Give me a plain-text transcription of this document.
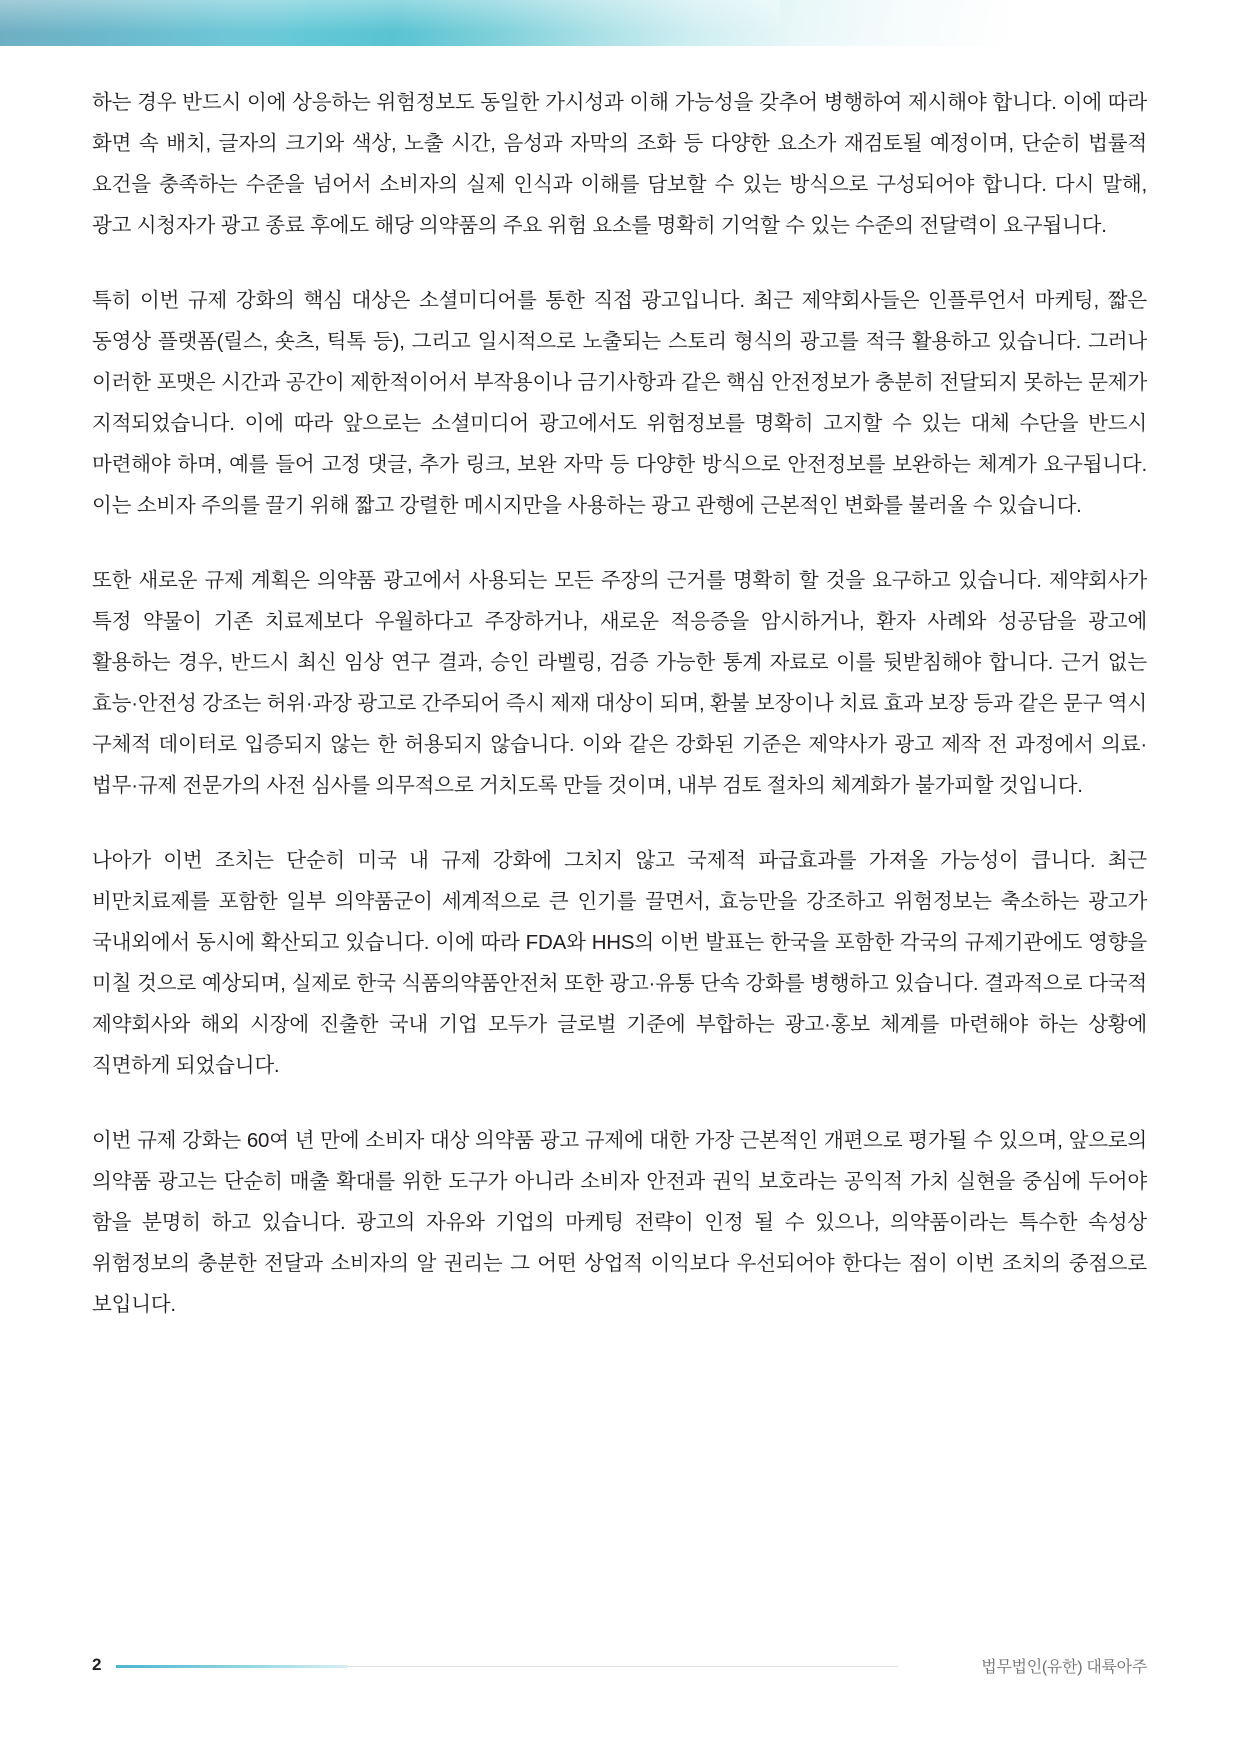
하는 경우 반드시 이에 상응하는 위험정보도 동일한 가시성과 이해 가능성을 갖추어 병행하여 제시해야 합니다. 이에 따라 화면 속 배치, 글자의 크기와 색상, 노출 시간, 음성과 자막의 조화 등 다양한 요소가 재검토될 예정이며, 단순히 법률적 요건을 충족하는 수준을 넘어서 소비자의 실제 인식과 이해를 담보할 수 있는 방식으로 구성되어야 합니다. 다시 말해, 광고 시청자가 광고 종료 후에도 해당 의약품의 주요 위험 요소를 명확히 기억할 수 있는 수준의 전달력이 요구됩니다.

특히 이번 규제 강화의 핵심 대상은 소셜미디어를 통한 직접 광고입니다. 최근 제약회사들은 인플루언서 마케팅, 짧은 동영상 플랫폼(릴스, 숏츠, 틱톡 등), 그리고 일시적으로 노출되는 스토리 형식의 광고를 적극 활용하고 있습니다. 그러나 이러한 포맷은 시간과 공간이 제한적이어서 부작용이나 금기사항과 같은 핵심 안전정보가 충분히 전달되지 못하는 문제가 지적되었습니다. 이에 따라 앞으로는 소셜미디어 광고에서도 위험정보를 명확히 고지할 수 있는 대체 수단을 반드시 마련해야 하며, 예를 들어 고정 댓글, 추가 링크, 보완 자막 등 다양한 방식으로 안전정보를 보완하는 체계가 요구됩니다. 이는 소비자 주의를 끌기 위해 짧고 강렬한 메시지만을 사용하는 광고 관행에 근본적인 변화를 불러올 수 있습니다.

또한 새로운 규제 계획은 의약품 광고에서 사용되는 모든 주장의 근거를 명확히 할 것을 요구하고 있습니다. 제약회사가 특정 약물이 기존 치료제보다 우월하다고 주장하거나, 새로운 적응증을 암시하거나, 환자 사례와 성공담을 광고에 활용하는 경우, 반드시 최신 임상 연구 결과, 승인 라벨링, 검증 가능한 통계 자료로 이를 뒷받침해야 합니다. 근거 없는 효능·안전성 강조는 허위·과장 광고로 간주되어 즉시 제재 대상이 되며, 환불 보장이나 치료 효과 보장 등과 같은 문구 역시 구체적 데이터로 입증되지 않는 한 허용되지 않습니다. 이와 같은 강화된 기준은 제약사가 광고 제작 전 과정에서 의료·법무·규제 전문가의 사전 심사를 의무적으로 거치도록 만들 것이며, 내부 검토 절차의 체계화가 불가피할 것입니다.

나아가 이번 조치는 단순히 미국 내 규제 강화에 그치지 않고 국제적 파급효과를 가져올 가능성이 큽니다. 최근 비만치료제를 포함한 일부 의약품군이 세계적으로 큰 인기를 끌면서, 효능만을 강조하고 위험정보는 축소하는 광고가 국내외에서 동시에 확산되고 있습니다. 이에 따라 FDA와 HHS의 이번 발표는 한국을 포함한 각국의 규제기관에도 영향을 미칠 것으로 예상되며, 실제로 한국 식품의약품안전처 또한 광고·유통 단속 강화를 병행하고 있습니다. 결과적으로 다국적 제약회사와 해외 시장에 진출한 국내 기업 모두가 글로벌 기준에 부합하는 광고·홍보 체계를 마련해야 하는 상황에 직면하게 되었습니다.

이번 규제 강화는 60여 년 만에 소비자 대상 의약품 광고 규제에 대한 가장 근본적인 개편으로 평가될 수 있으며, 앞으로의 의약품 광고는 단순히 매출 확대를 위한 도구가 아니라 소비자 안전과 권익 보호라는 공익적 가치 실현을 중심에 두어야 함을 분명히 하고 있습니다. 광고의 자유와 기업의 마케팅 전략이 인정 될 수 있으나, 의약품이라는 특수한 속성상 위험정보의 충분한 전달과 소비자의 알 권리는 그 어떤 상업적 이익보다 우선되어야 한다는 점이 이번 조치의 중점으로 보입니다.

2	법무법인(유한) 대륙아주
